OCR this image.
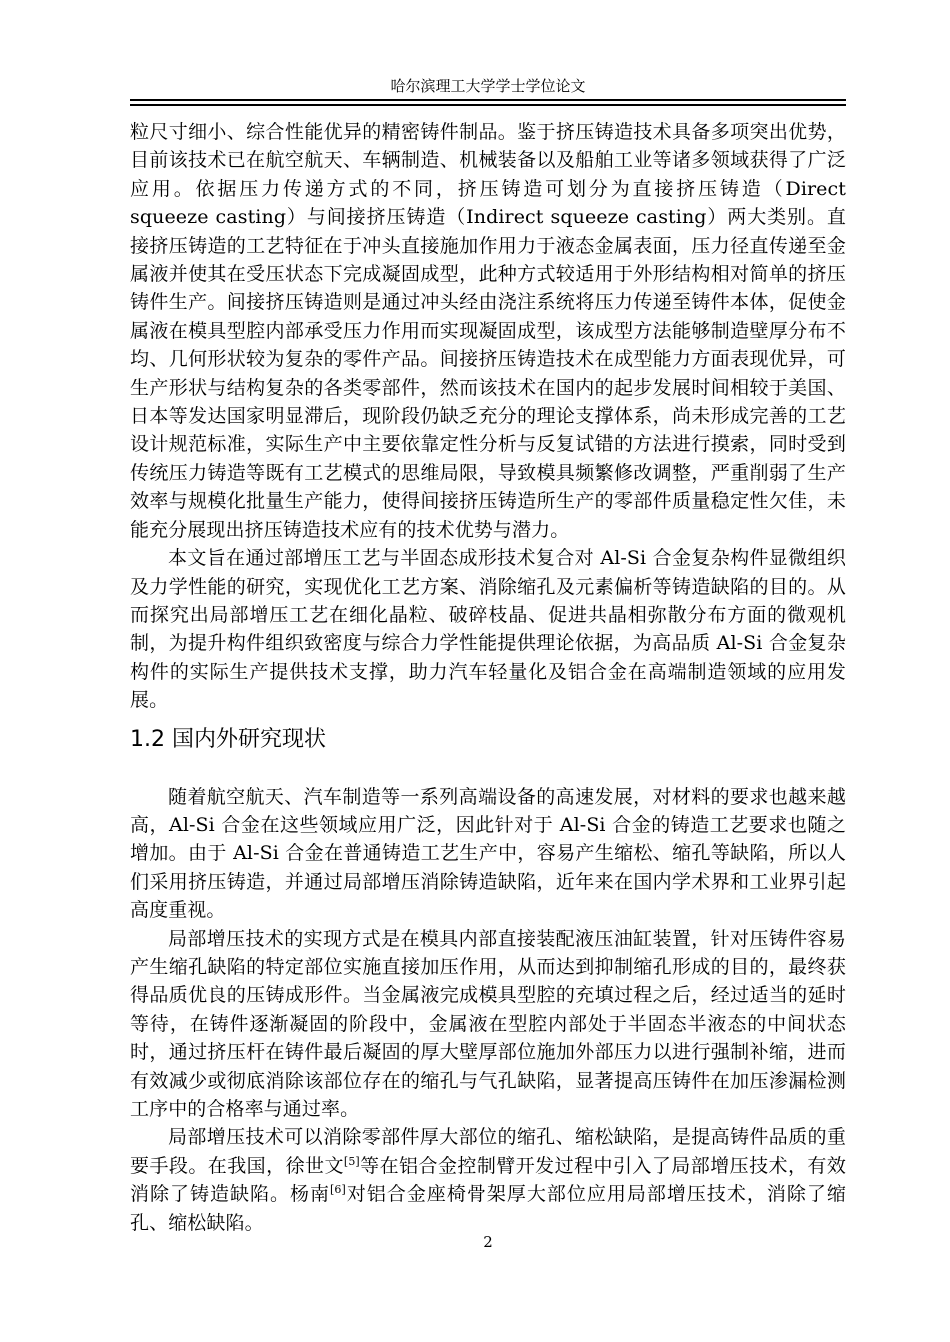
哈尔滨理工大学学士学位论文

粒尺寸细小、综合性能优异的精密铸件制品。鉴于挤压铸造技术具备多项突出优势，目前该技术已在航空航天、车辆制造、机械装备以及船舶工业等诸多领域获得了广泛应用。依据压力传递方式的不同，挤压铸造可划分为直接挤压铸造（Direct squeeze casting）与间接挤压铸造（Indirect squeeze casting）两大类别。直接挤压铸造的工艺特征在于冲头直接施加作用力于液态金属表面，压力径直传递至金属液并使其在受压状态下完成凝固成型，此种方式较适用于外形结构相对简单的挤压铸件生产。间接挤压铸造则是通过冲头经由浇注系统将压力传递至铸件本体，促使金属液在模具型腔内部承受压力作用而实现凝固成型，该成型方法能够制造壁厚分布不均、几何形状较为复杂的零件产品。间接挤压铸造技术在成型能力方面表现优异，可生产形状与结构复杂的各类零部件，然而该技术在国内的起步发展时间相较于美国、日本等发达国家明显滞后，现阶段仍缺乏充分的理论支撑体系，尚未形成完善的工艺设计规范标准，实际生产中主要依靠定性分析与反复试错的方法进行摸索，同时受到传统压力铸造等既有工艺模式的思维局限，导致模具频繁修改调整，严重削弱了生产效率与规模化批量生产能力，使得间接挤压铸造所生产的零部件质量稳定性欠佳，未能充分展现出挤压铸造技术应有的技术优势与潜力。

本文旨在通过部增压工艺与半固态成形技术复合对 Al-Si 合金复杂构件显微组织及力学性能的研究，实现优化工艺方案、消除缩孔及元素偏析等铸造缺陷的目的。从而探究出局部增压工艺在细化晶粒、破碎枝晶、促进共晶相弥散分布方面的微观机制，为提升构件组织致密度与综合力学性能提供理论依据，为高品质 Al-Si 合金复杂构件的实际生产提供技术支撑，助力汽车轻量化及铝合金在高端制造领域的应用发展。

1.2 国内外研究现状

随着航空航天、汽车制造等一系列高端设备的高速发展，对材料的要求也越来越高，Al-Si 合金在这些领域应用广泛，因此针对于 Al-Si 合金的铸造工艺要求也随之增加。由于 Al-Si 合金在普通铸造工艺生产中，容易产生缩松、缩孔等缺陷，所以人们采用挤压铸造，并通过局部增压消除铸造缺陷，近年来在国内学术界和工业界引起高度重视。

局部增压技术的实现方式是在模具内部直接装配液压油缸装置，针对压铸件容易产生缩孔缺陷的特定部位实施直接加压作用，从而达到抑制缩孔形成的目的，最终获得品质优良的压铸成形件。当金属液完成模具型腔的充填过程之后，经过适当的延时等待，在铸件逐渐凝固的阶段中，金属液在型腔内部处于半固态半液态的中间状态时，通过挤压杆在铸件最后凝固的厚大壁厚部位施加外部压力以进行强制补缩，进而有效减少或彻底消除该部位存在的缩孔与气孔缺陷，显著提高压铸件在加压渗漏检测工序中的合格率与通过率。

局部增压技术可以消除零部件厚大部位的缩孔、缩松缺陷，是提高铸件品质的重要手段。在我国，徐世文[5]等在铝合金控制臂开发过程中引入了局部增压技术，有效消除了铸造缺陷。杨南[6]对铝合金座椅骨架厚大部位应用局部增压技术，消除了缩孔、缩松缺陷。

2
